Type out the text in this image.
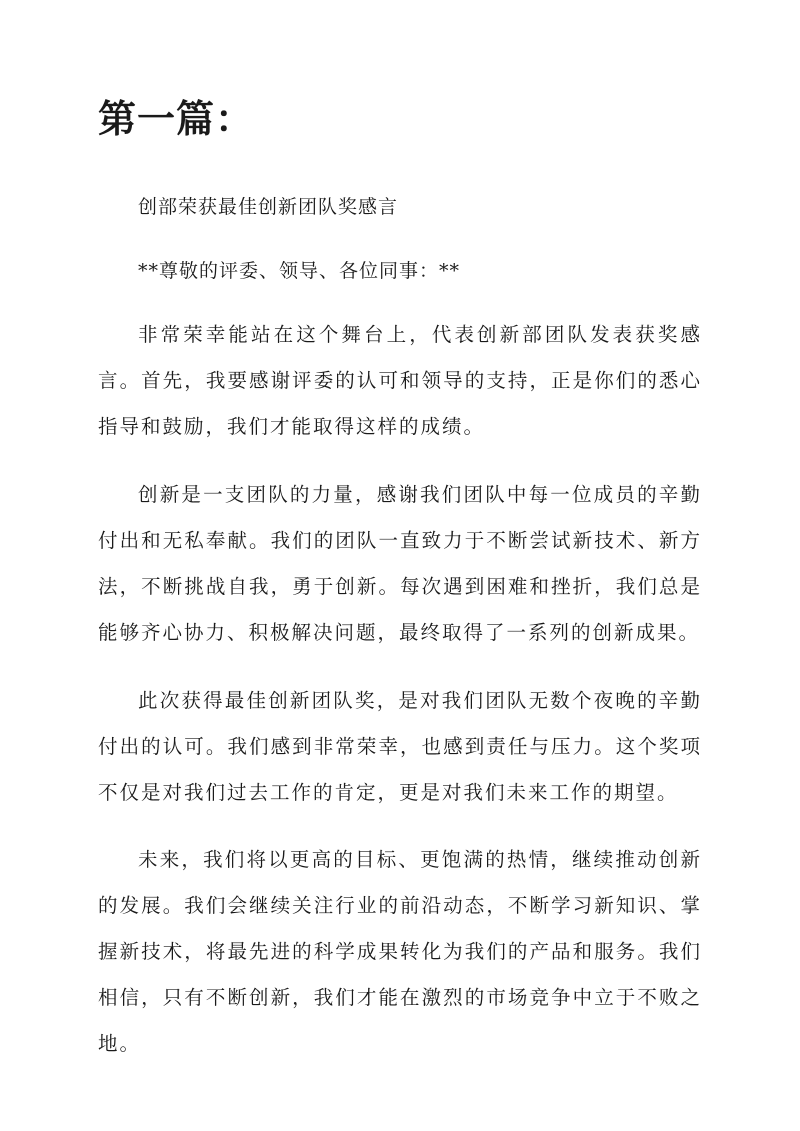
第一篇：

创部荣获最佳创新团队奖感言

**尊敬的评委、领导、各位同事：**

非常荣幸能站在这个舞台上，代表创新部团队发表获奖感言。首先，我要感谢评委的认可和领导的支持，正是你们的悉心指导和鼓励，我们才能取得这样的成绩。

创新是一支团队的力量，感谢我们团队中每一位成员的辛勤付出和无私奉献。我们的团队一直致力于不断尝试新技术、新方法，不断挑战自我，勇于创新。每次遇到困难和挫折，我们总是能够齐心协力、积极解决问题，最终取得了一系列的创新成果。

此次获得最佳创新团队奖，是对我们团队无数个夜晚的辛勤付出的认可。我们感到非常荣幸，也感到责任与压力。这个奖项不仅是对我们过去工作的肯定，更是对我们未来工作的期望。

未来，我们将以更高的目标、更饱满的热情，继续推动创新的发展。我们会继续关注行业的前沿动态，不断学习新知识、掌握新技术，将最先进的科学成果转化为我们的产品和服务。我们相信，只有不断创新，我们才能在激烈的市场竞争中立于不败之地。
